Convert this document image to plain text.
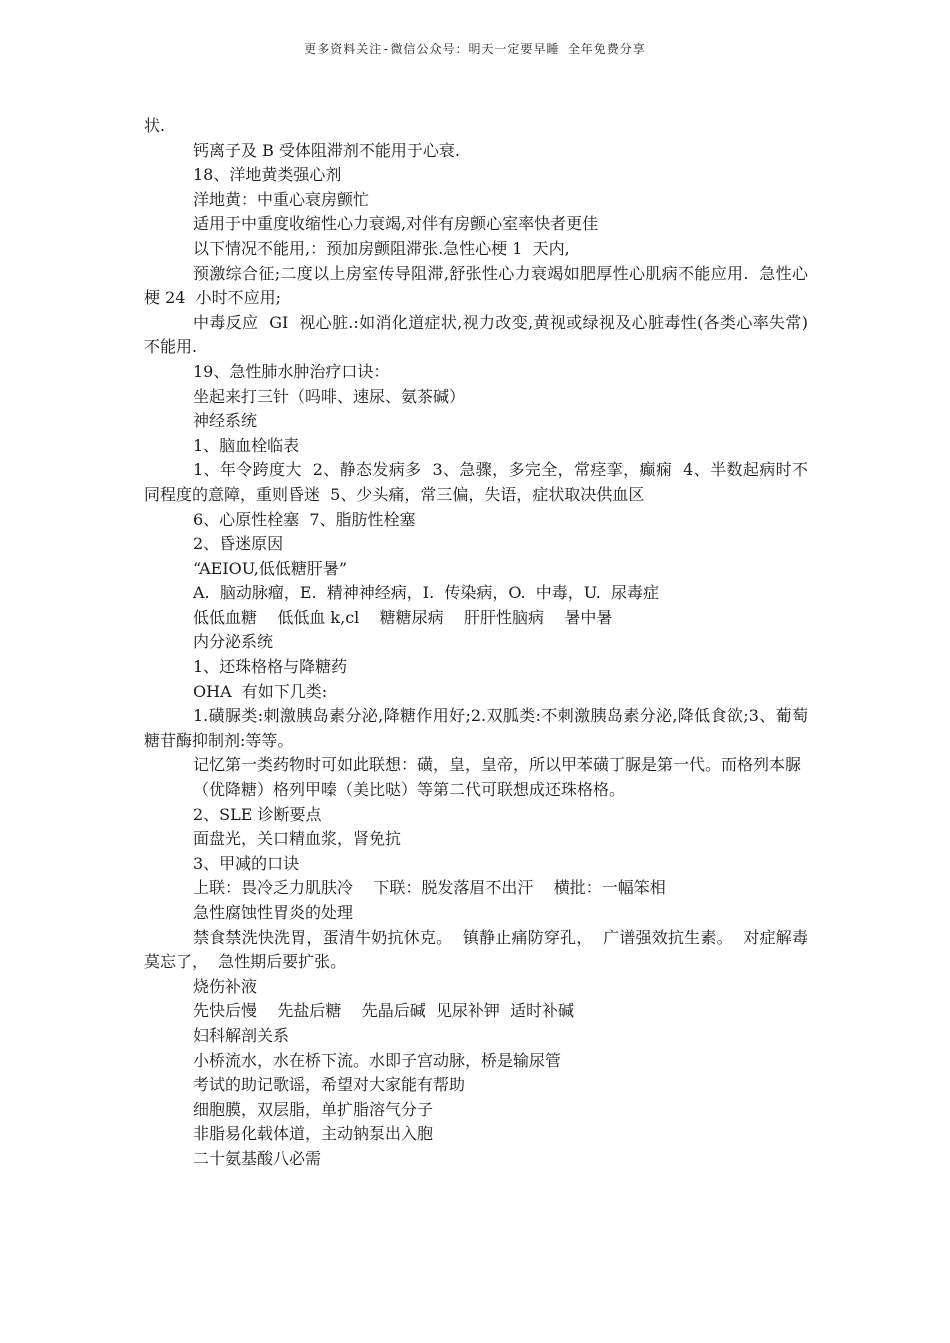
更多资料关注-微信公众号：明天一定要早睡 全年免费分享

状.

钙离子及 B 受体阻滞剂不能用于心衰.

18、洋地黄类强心剂

洋地黄：中重心衰房颤忙

适用于中重度收缩性心力衰竭,对伴有房颤心室率快者更佳

以下情况不能用,：预加房颤阻滞张.急性心梗 1  天内,

预激综合征;二度以上房室传导阻滞,舒张性心力衰竭如肥厚性心肌病不能应用.  急性心梗 24  小时不应用;

中毒反应  GI  视心脏.:如消化道症状,视力改变,黄视或绿视及心脏毒性(各类心率失常)不能用.

19、急性肺水肿治疗口诀：

坐起来打三针（吗啡、速尿、氨茶碱）

神经系统

1、脑血栓临表

1、年令跨度大  2、静态发病多  3、急骤，多完全，常痉挛，癫痫  4、半数起病时不同程度的意障，重则昏迷  5、少头痛，常三偏，失语，症状取决供血区

6、心原性栓塞  7、脂肪性栓塞

2、昏迷原因

“AEIOU,低低糖肝暑”

A.  脑动脉瘤，E.  精神神经病，I.  传染病，O.  中毒，U.  尿毒症

低低血糖    低低血 k,cl    糖糖尿病    肝肝性脑病    暑中暑

内分泌系统

1、还珠格格与降糖药

OHA  有如下几类:

1.磺脲类:刺激胰岛素分泌,降糖作用好;2.双胍类:不刺激胰岛素分泌,降低食欲;3、葡萄糖苷酶抑制剂:等等。

记忆第一类药物时可如此联想：磺，皇，皇帝，所以甲苯磺丁脲是第一代。而格列本脲

（优降糖）格列甲嗪（美比哒）等第二代可联想成还珠格格。

2、SLE 诊断要点

面盘光，关口精血浆，肾免抗

3、甲减的口诀

上联：畏冷乏力肌肤冷    下联：脱发落眉不出汗    横批：一幅笨相

急性腐蚀性胃炎的处理

禁食禁洗快洗胃，蛋清牛奶抗休克。  镇静止痛防穿孔，  广谱强效抗生素。  对症解毒莫忘了，  急性期后要扩张。

烧伤补液

先快后慢    先盐后糖    先晶后碱  见尿补钾  适时补碱

妇科解剖关系

小桥流水，水在桥下流。水即子宫动脉，桥是输尿管

考试的助记歌谣，希望对大家能有帮助

细胞膜，双层脂，单扩脂溶气分子

非脂易化载体道，主动钠泵出入胞

二十氨基酸八必需
